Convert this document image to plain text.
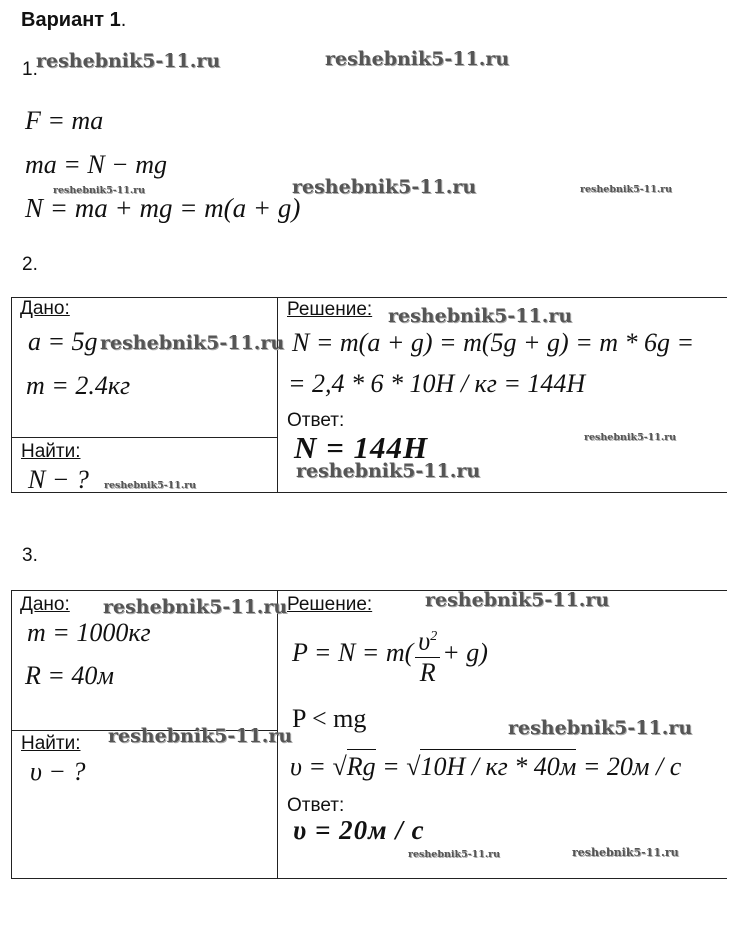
Вариант 1.
1.
F = ma
ma = N − mg
N = ma + mg = m(a + g)
2.
Дано:
a = 5g
m = 2.4кг
Найти:
N − ?
Решение:
N = m(a + g) = m(5g + g) = m * 6g =
= 2,4 * 6 * 10Н / кг = 144Н
Ответ:
N = 144H
3.
Дано:
m = 1000кг
R = 40м
Найти:
υ − ?
Решение:
$P = N = m( \frac{\upsilon^2}{R} + g)$
P < mg
υ = √Rg = √10Н / кг * 40м = 20м / с
Ответ:
υ = 20м / с
reshebnik5-11.ru	reshebnik5-11.ru
reshebnik5-11.ru	reshebnik5-11.ru	reshebnik5-11.ru
reshebnik5-11.ru
reshebnik5-11.ru
reshebnik5-11.ru
reshebnik5-11.ru
reshebnik5-11.ru
reshebnik5-11.ru	reshebnik5-11.ru
reshebnik5-11.ru	reshebnik5-11.ru
reshebnik5-11.ru	reshebnik5-11.ru
